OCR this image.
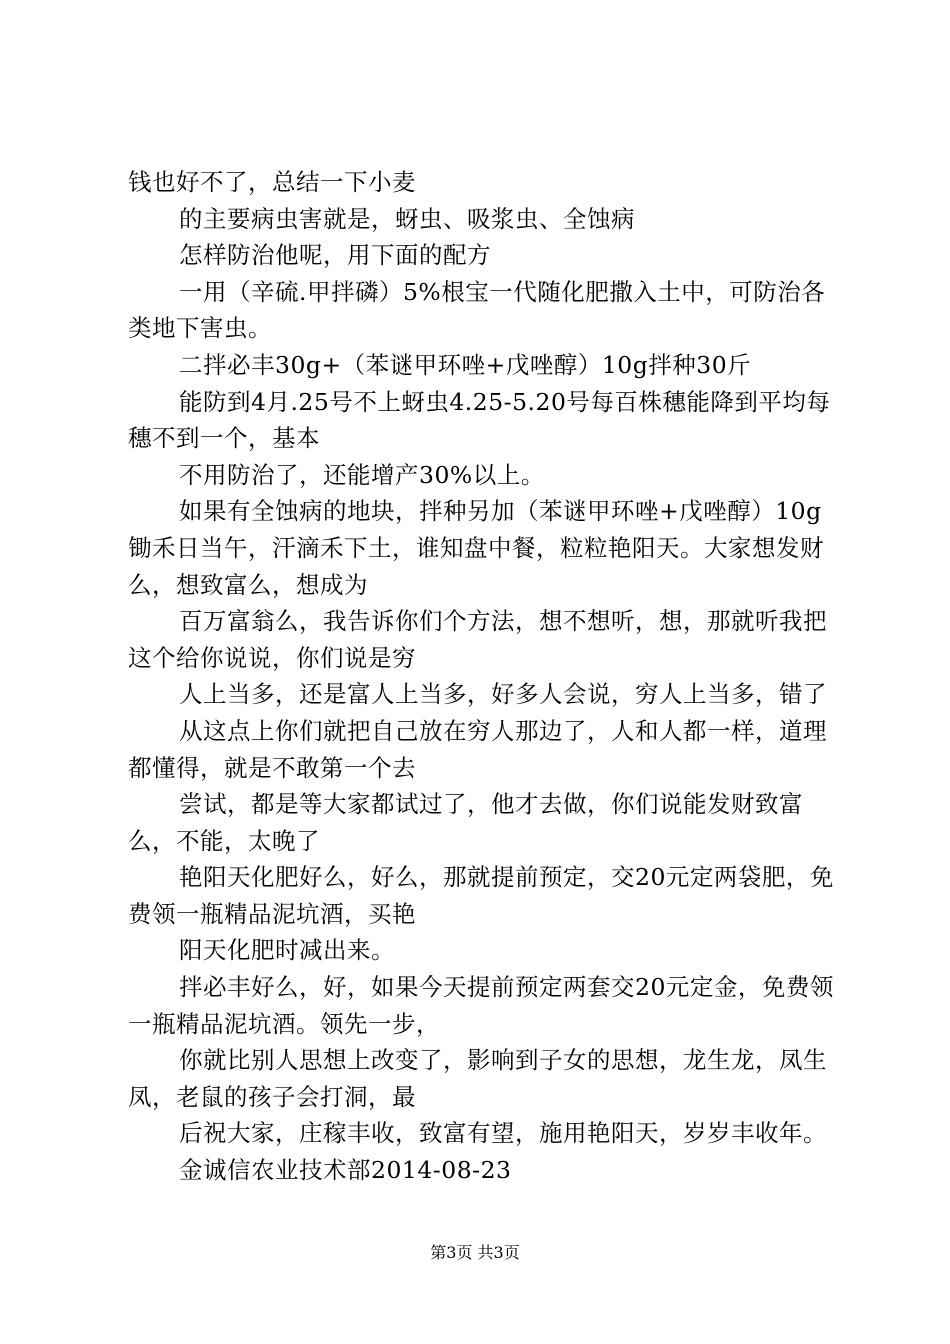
钱也好不了，总结一下小麦

的主要病虫害就是，蚜虫、吸浆虫、全蚀病

怎样防治他呢，用下面的配方

一用（辛硫.甲拌磷）5%根宝一代随化肥撒入土中，可防治各类地下害虫。

二拌必丰30g+（苯谜甲环唑+戊唑醇）10g拌种30斤

能防到4月.25号不上蚜虫4.25-5.20号每百株穗能降到平均每穗不到一个，基本

不用防治了，还能增产30%以上。

如果有全蚀病的地块，拌种另加（苯谜甲环唑+戊唑醇）10g锄禾日当午，汗滴禾下土，谁知盘中餐，粒粒艳阳天。大家想发财么，想致富么，想成为

百万富翁么，我告诉你们个方法，想不想听，想，那就听我把这个给你说说，你们说是穷

人上当多，还是富人上当多，好多人会说，穷人上当多，错了

从这点上你们就把自己放在穷人那边了，人和人都一样，道理都懂得，就是不敢第一个去

尝试，都是等大家都试过了，他才去做，你们说能发财致富么，不能，太晚了

艳阳天化肥好么，好么，那就提前预定，交20元定两袋肥，免费领一瓶精品泥坑酒，买艳

阳天化肥时减出来。

拌必丰好么，好，如果今天提前预定两套交20元定金，免费领一瓶精品泥坑酒。领先一步，

你就比别人思想上改变了，影响到子女的思想，龙生龙，凤生凤，老鼠的孩子会打洞，最

后祝大家，庄稼丰收，致富有望，施用艳阳天，岁岁丰收年。

金诚信农业技术部2014-08-23

第3页 共3页
